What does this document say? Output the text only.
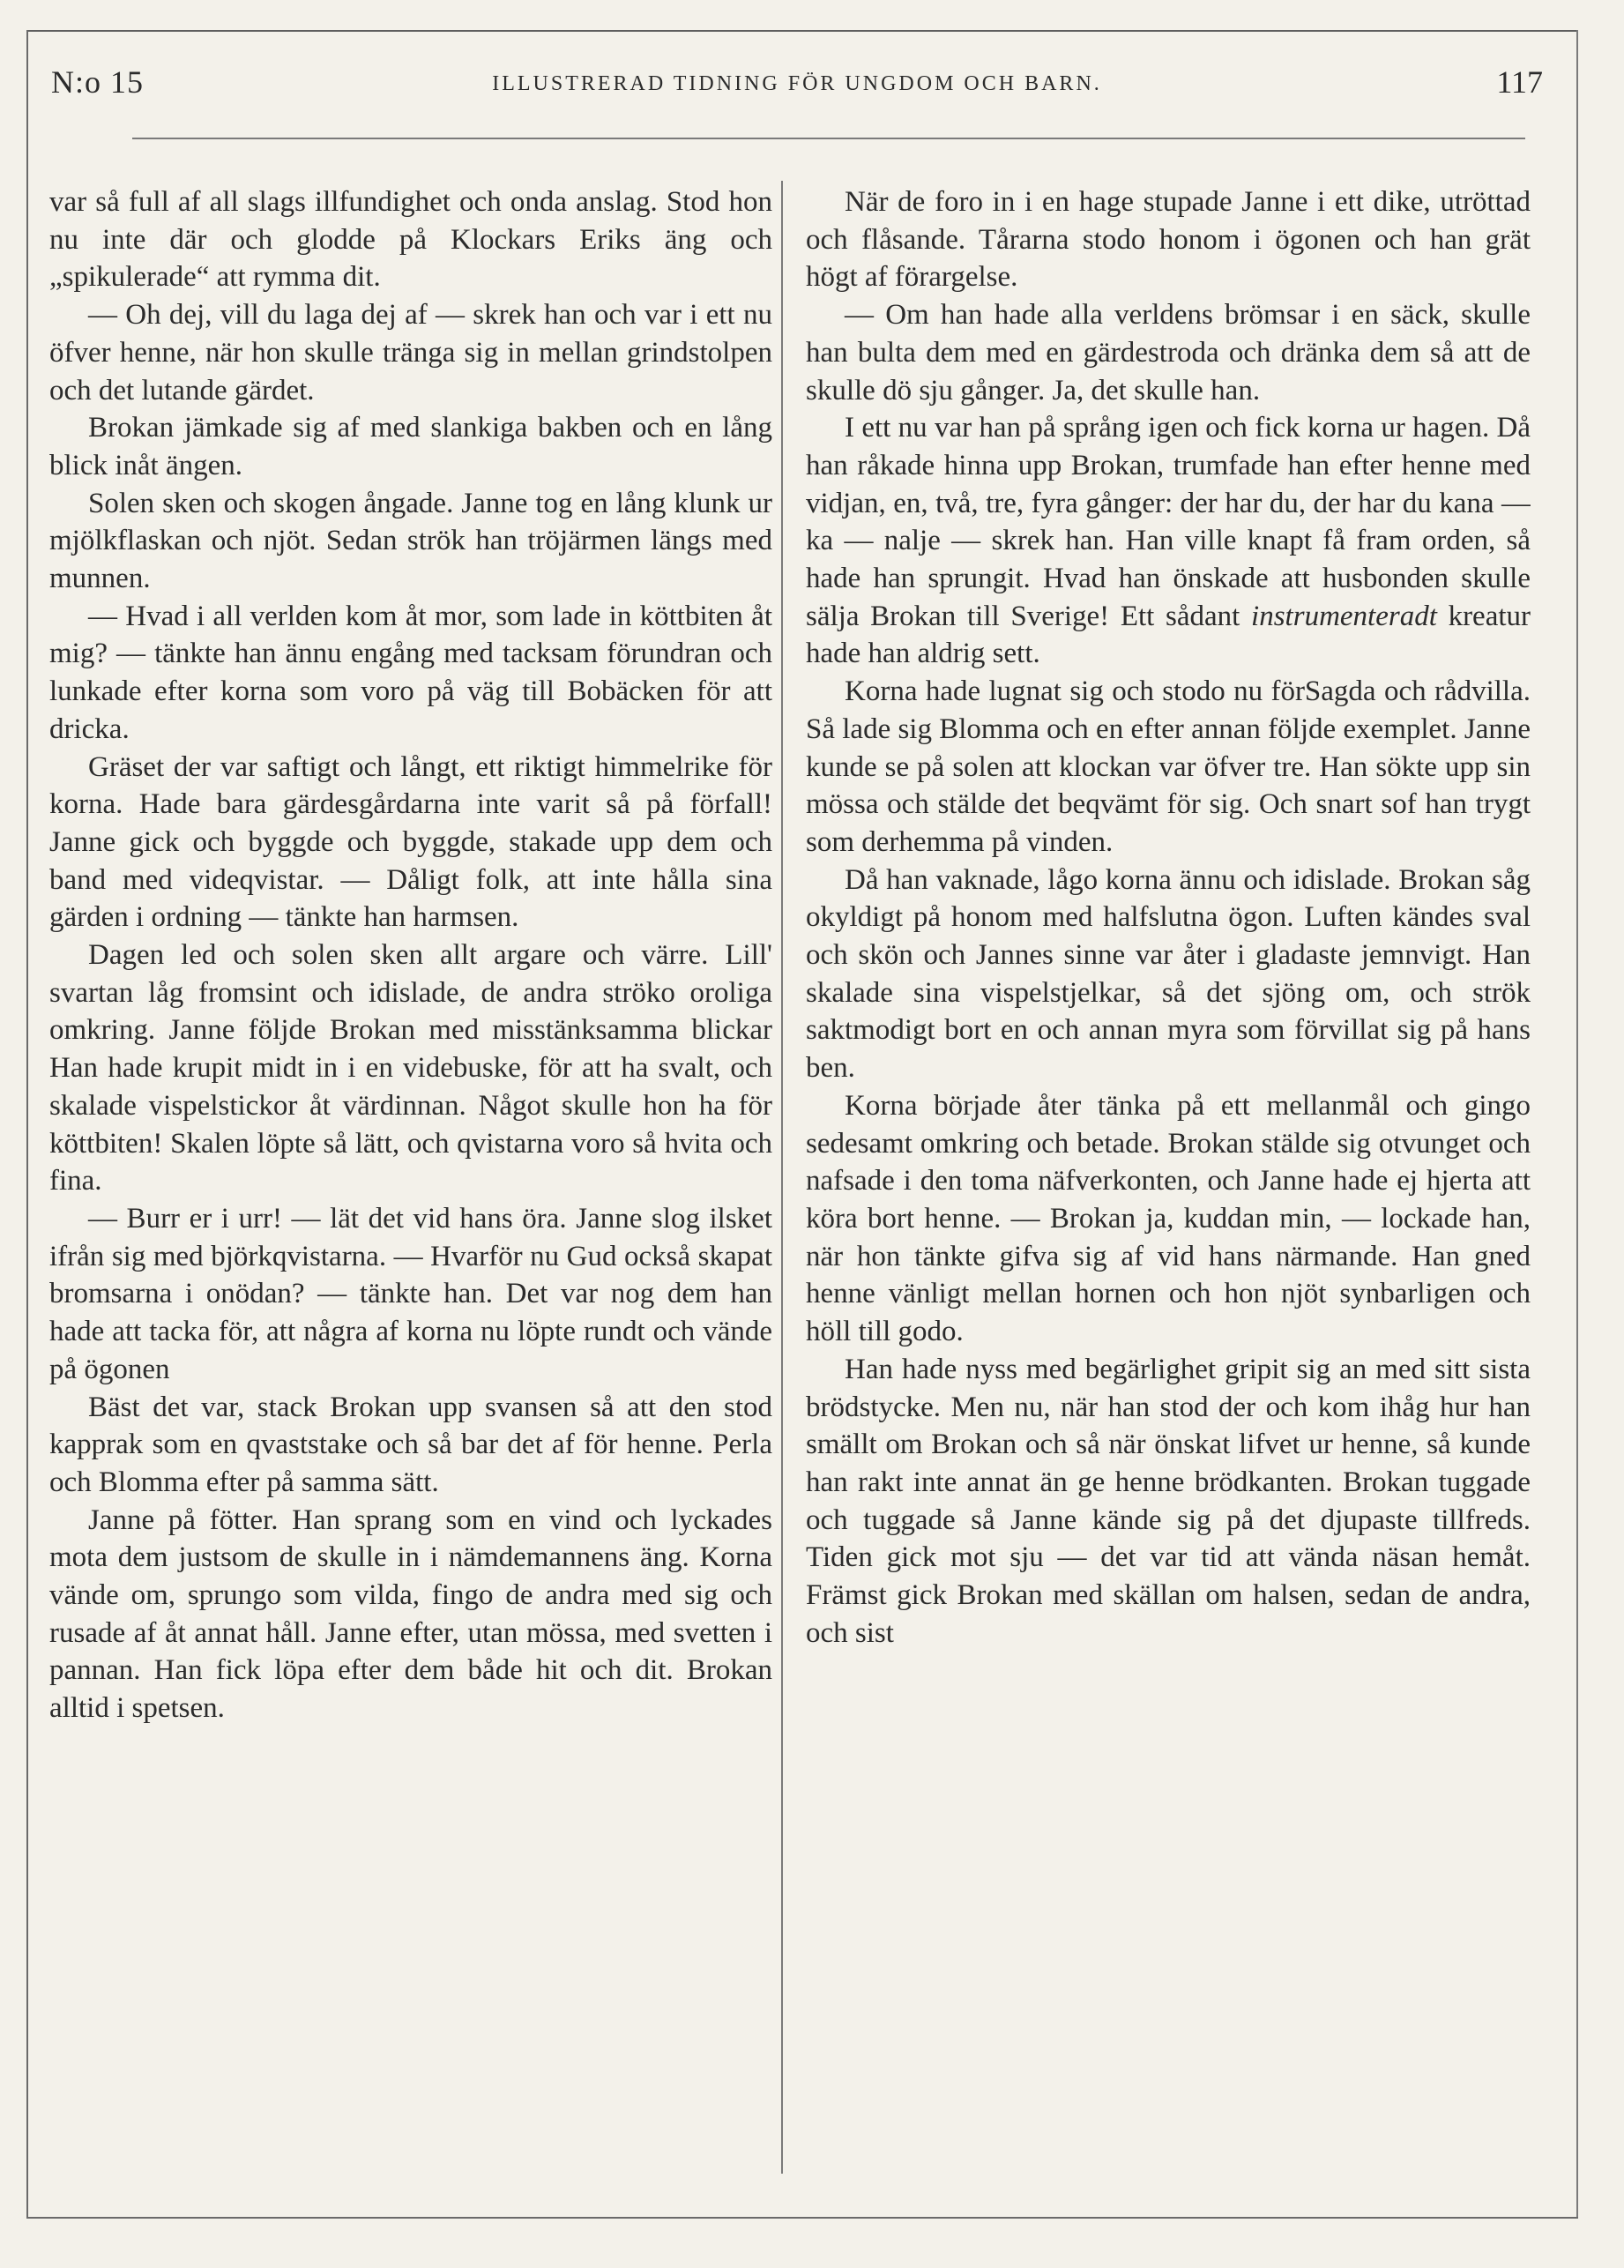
N:o 15	ILLUSTRERAD TIDNING FÖR UNGDOM OCH BARN.	117

var så full af all slags illfundighet och onda anslag. Stod hon nu inte där och glodde på Klockars Eriks äng och „spikulerade“ att rymma dit.

— Oh dej, vill du laga dej af — skrek han och var i ett nu öfver henne, när hon skulle tränga sig in mellan grindstolpen och det lutande gärdet.

Brokan jämkade sig af med slankiga bakben och en lång blick inåt ängen.

Solen sken och skogen ångade. Janne tog en lång klunk ur mjölkflaskan och njöt. Sedan strök han tröjärmen längs med munnen.

— Hvad i all verlden kom åt mor, som lade in köttbiten åt mig? — tänkte han ännu engång med tacksam förundran och lunkade efter korna som voro på väg till Bobäcken för att dricka.

Gräset der var saftigt och långt, ett riktigt himmelrike för korna. Hade bara gärdesgårdarna inte varit så på förfall! Janne gick och byggde och byggde, stakade upp dem och band med videqvistar. — Dåligt folk, att inte hålla sina gärden i ordning — tänkte han harmsen.

Dagen led och solen sken allt argare och värre. Lill' svartan låg fromsint och idislade, de andra ströko oroliga omkring. Janne följde Brokan med misstänksamma blickar Han hade krupit midt in i en videbuske, för att ha svalt, och skalade vispelstickor åt värdinnan. Något skulle hon ha för köttbiten! Skalen löpte så lätt, och qvistarna voro så hvita och fina.

— Burr er i urr! — lät det vid hans öra. Janne slog ilsket ifrån sig med björkqvistarna. — Hvarför nu Gud också skapat bromsarna i onödan? — tänkte han. Det var nog dem han hade att tacka för, att några af korna nu löpte rundt och vände på ögonen

Bäst det var, stack Brokan upp svansen så att den stod kapprak som en qvaststake och så bar det af för henne. Perla och Blomma efter på samma sätt.

Janne på fötter. Han sprang som en vind och lyckades mota dem justsom de skulle in i nämdemannens äng. Korna vände om, sprungo som vilda, fingo de andra med sig och rusade af åt annat håll. Janne efter, utan mössa, med svetten i pannan. Han fick löpa efter dem både hit och dit. Brokan alltid i spetsen.

När de foro in i en hage stupade Janne i ett dike, utröttad och flåsande. Tårarna stodo honom i ögonen och han grät högt af förargelse.

— Om han hade alla verldens brömsar i en säck, skulle han bulta dem med en gärdestroda och dränka dem så att de skulle dö sju gånger. Ja, det skulle han.

I ett nu var han på språng igen och fick korna ur hagen. Då han råkade hinna upp Brokan, trumfade han efter henne med vidjan, en, två, tre, fyra gånger: der har du, der har du kana — ka — nalje — skrek han. Han ville knapt få fram orden, så hade han sprungit. Hvad han önskade att husbonden skulle sälja Brokan till Sverige! Ett sådant instrumenteradt kreatur hade han aldrig sett.

Korna hade lugnat sig och stodo nu förSagda och rådvilla. Så lade sig Blomma och en efter annan följde exemplet. Janne kunde se på solen att klockan var öfver tre. Han sökte upp sin mössa och stälde det beqvämt för sig. Och snart sof han trygt som derhemma på vinden.

Då han vaknade, lågo korna ännu och idislade. Brokan såg okyldigt på honom med halfslutna ögon. Luften kändes sval och skön och Jannes sinne var åter i gladaste jemnvigt. Han skalade sina vispelstjelkar, så det sjöng om, och strök saktmodigt bort en och annan myra som förvillat sig på hans ben.

Korna började åter tänka på ett mellanmål och gingo sedesamt omkring och betade. Brokan stälde sig otvunget och nafsade i den toma näfverkonten, och Janne hade ej hjerta att köra bort henne. — Brokan ja, kuddan min, — lockade han, när hon tänkte gifva sig af vid hans närmande. Han gned henne vänligt mellan hornen och hon njöt synbarligen och höll till godo.

Han hade nyss med begärlighet gripit sig an med sitt sista brödstycke. Men nu, när han stod der och kom ihåg hur han smällt om Brokan och så när önskat lifvet ur henne, så kunde han rakt inte annat än ge henne brödkanten. Brokan tuggade och tuggade så Janne kände sig på det djupaste tillfreds. Tiden gick mot sju — det var tid att vända näsan hemåt. Främst gick Brokan med skällan om halsen, sedan de andra, och sist
